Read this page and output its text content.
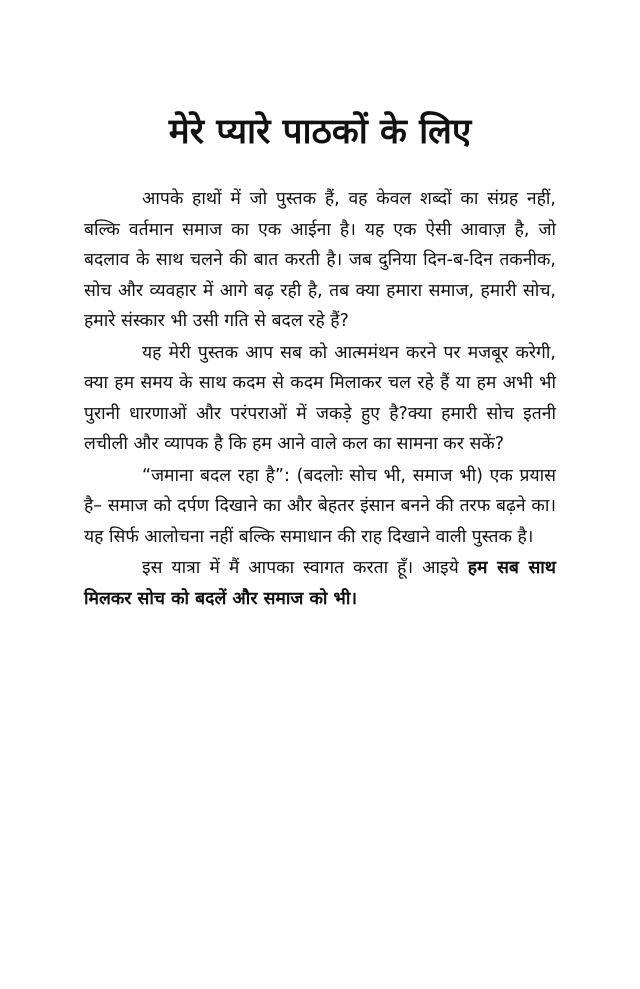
मेरे प्यारे पाठकों के लिए

आपके हाथों में जो पुस्तक हैं, वह केवल शब्दों का संग्रह नहीं, बल्कि वर्तमान समाज का एक आईना है। यह एक ऐसी आवाज़ है, जो बदलाव के साथ चलने की बात करती है। जब दुनिया दिन-ब-दिन तकनीक, सोच और व्यवहार में आगे बढ़ रही है, तब क्या हमारा समाज, हमारी सोच, हमारे संस्कार भी उसी गति से बदल रहे हैं?

यह मेरी पुस्तक आप सब को आत्ममंथन करने पर मजबूर करेगी, क्या हम समय के साथ कदम से कदम मिलाकर चल रहे हैं या हम अभी भी पुरानी धारणाओं और परंपराओं में जकड़े हुए है?क्या हमारी सोच इतनी लचीली और व्यापक है कि हम आने वाले कल का सामना कर सकें?

“जमाना बदल रहा है”: (बदलोः सोच भी, समाज भी) एक प्रयास है– समाज को दर्पण दिखाने का और बेहतर इंसान बनने की तरफ बढ़ने का। यह सिर्फ आलोचना नहीं बल्कि समाधान की राह दिखाने वाली पुस्तक है।

इस यात्रा में मैं आपका स्वागत करता हूँ। आइये हम सब साथ मिलकर सोच को बदलें और समाज को भी।
